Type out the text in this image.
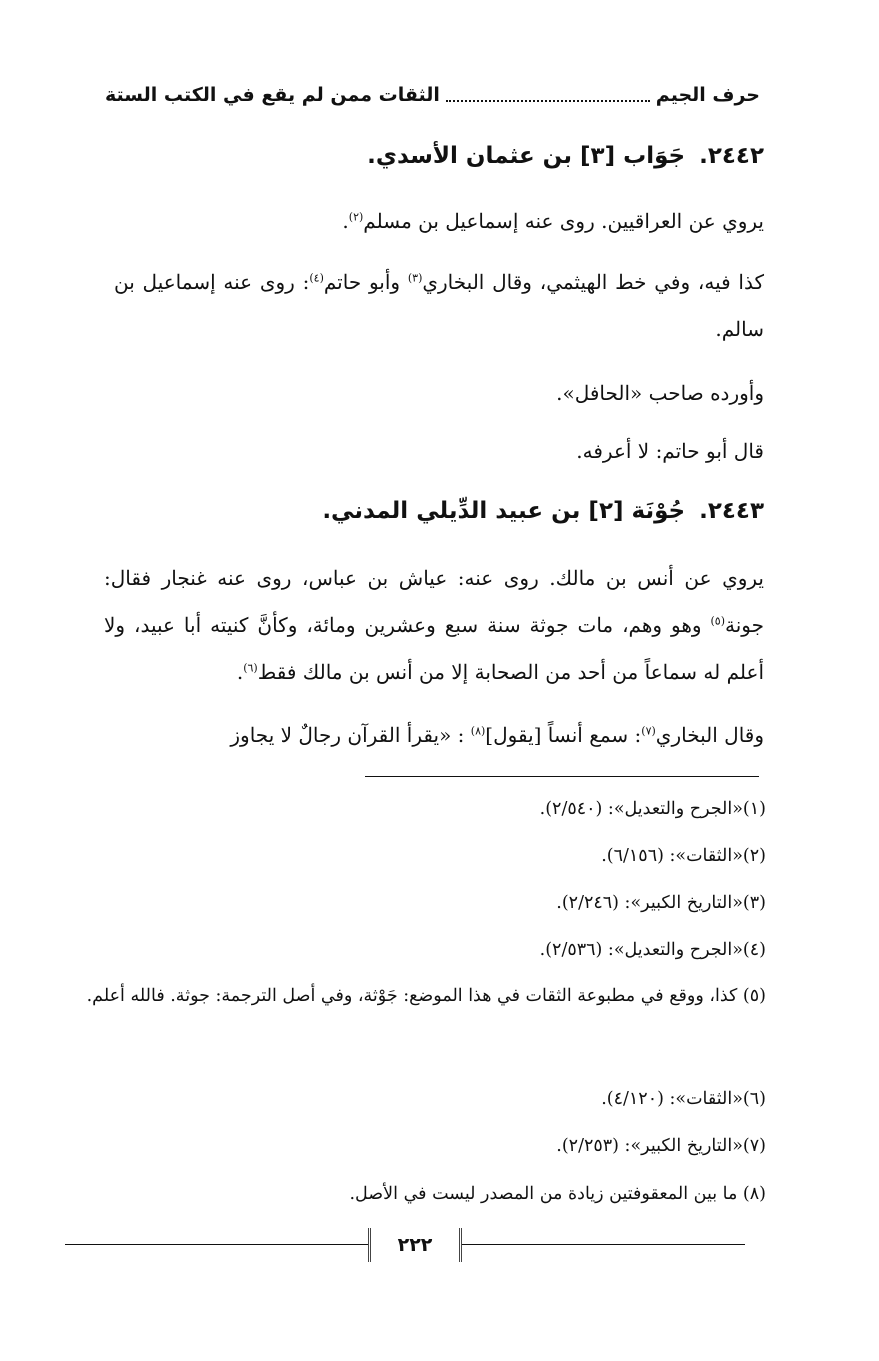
حرف الجيم
الثقات ممن لم يقع في الكتب الستة
٢٤٤٢.جَوَاب [٣] بن عثمان الأسدي.
يروي عن العراقيين. روى عنه إسماعيل بن مسلم$^{(٢)}$.
كذا فيه، وفي خط الهيثمي، وقال البخاري$^{(٣)}$ وأبو حاتم$^{(٤)}$: روى عنه إسماعيل بن سالم.
وأورده صاحب «الحافل».
قال أبو حاتم: لا أعرفه.
٢٤٤٣.جُوْنَة [٢] بن عبيد الدِّيلي المدني.
يروي عن أنس بن مالك. روى عنه: عياش بن عباس، روى عنه غنجار فقال: جونة$^{(٥)}$ وهو وهم، مات جوثة سنة سبع وعشرين ومائة، وكأنَّ كنيته أبا عبيد، ولا أعلم له سماعاً من أحد من الصحابة إلا من أنس بن مالك فقط$^{(٦)}$.
وقال البخاري$^{(٧)}$: سمع أنساً [يقول]$^{(٨)}$ : «يقرأ القرآن رجالٌ لا يجاوز
(١)«الجرح والتعديل»: (٢/٥٤٠).
(٢)«الثقات»: (٦/١٥٦).
(٣)«التاريخ الكبير»: (٢/٢٤٦).
(٤)«الجرح والتعديل»: (٢/٥٣٦).
(٥) كذا، ووقع في مطبوعة الثقات في هذا الموضع: جَوْثة، وفي أصل الترجمة: جوثة. فالله أعلم.
(٦)«الثقات»: (٤/١٢٠).
(٧)«التاريخ الكبير»: (٢/٢٥٣).
(٨) ما بين المعقوفتين زيادة من المصدر ليست في الأصل.
٢٢٢
